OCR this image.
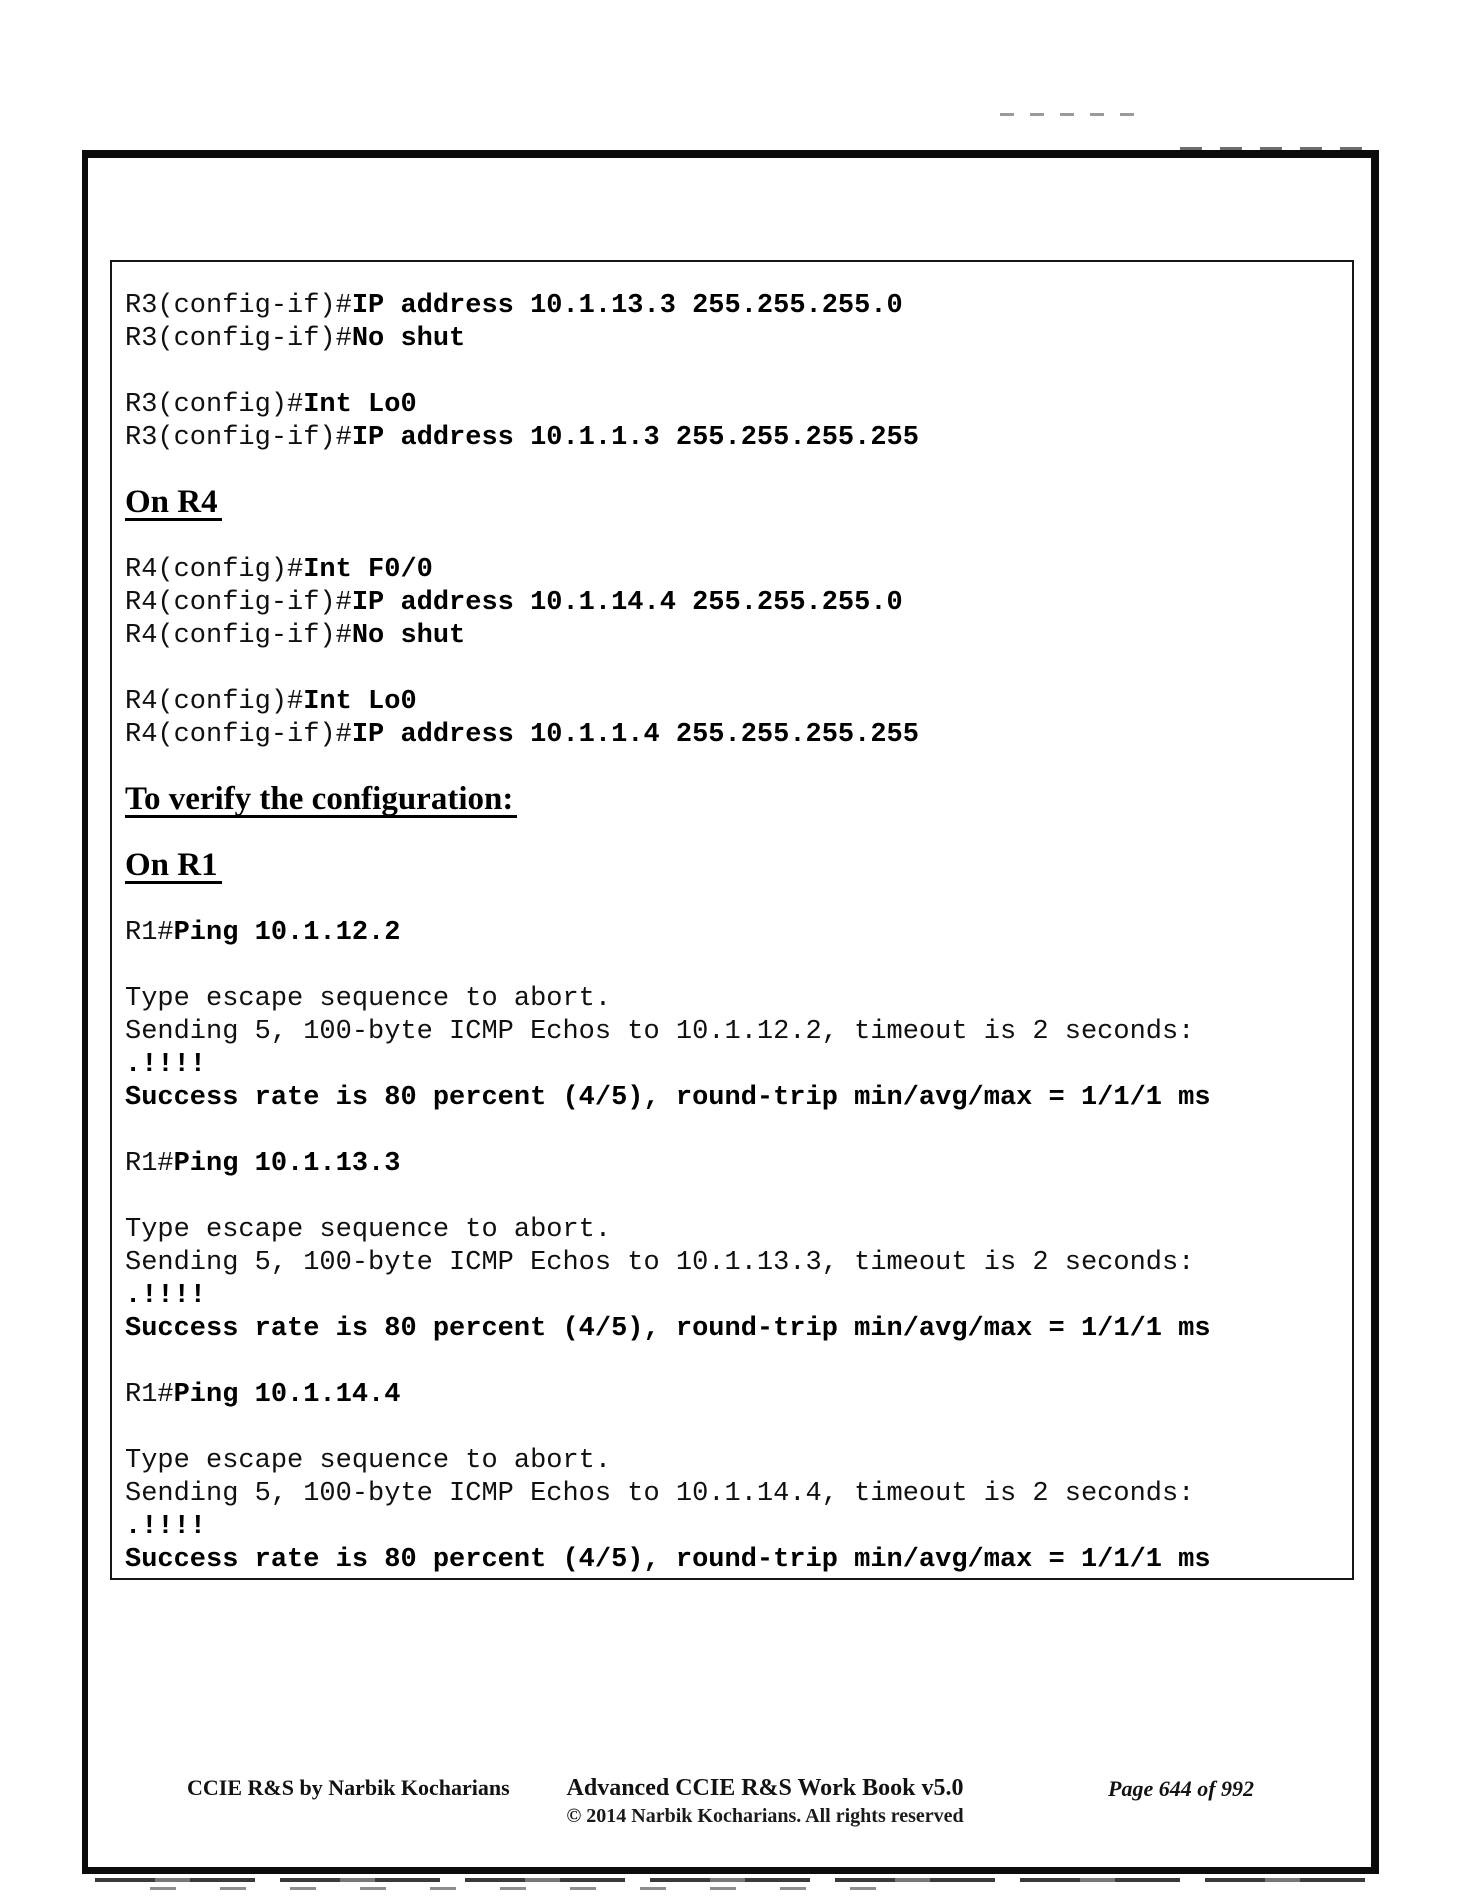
R3(config-if)#IP address 10.1.13.3 255.255.255.0
R3(config-if)#No shut
R3(config)#Int Lo0
R3(config-if)#IP address 10.1.1.3 255.255.255.255
On R4
R4(config)#Int F0/0
R4(config-if)#IP address 10.1.14.4 255.255.255.0
R4(config-if)#No shut
R4(config)#Int Lo0
R4(config-if)#IP address 10.1.1.4 255.255.255.255
To verify the configuration:
On R1
R1#Ping 10.1.12.2
Type escape sequence to abort.
Sending 5, 100-byte ICMP Echos to 10.1.12.2, timeout is 2 seconds:
.!!!!
Success rate is 80 percent (4/5), round-trip min/avg/max = 1/1/1 ms
R1#Ping 10.1.13.3
Type escape sequence to abort.
Sending 5, 100-byte ICMP Echos to 10.1.13.3, timeout is 2 seconds:
.!!!!
Success rate is 80 percent (4/5), round-trip min/avg/max = 1/1/1 ms
R1#Ping 10.1.14.4
Type escape sequence to abort.
Sending 5, 100-byte ICMP Echos to 10.1.14.4, timeout is 2 seconds:
.!!!!
Success rate is 80 percent (4/5), round-trip min/avg/max = 1/1/1 ms
CCIE R&S by Narbik Kocharians	Advanced CCIE R&S Work Book v5.0
© 2014 Narbik Kocharians. All rights reserved
Page 644 of 992
